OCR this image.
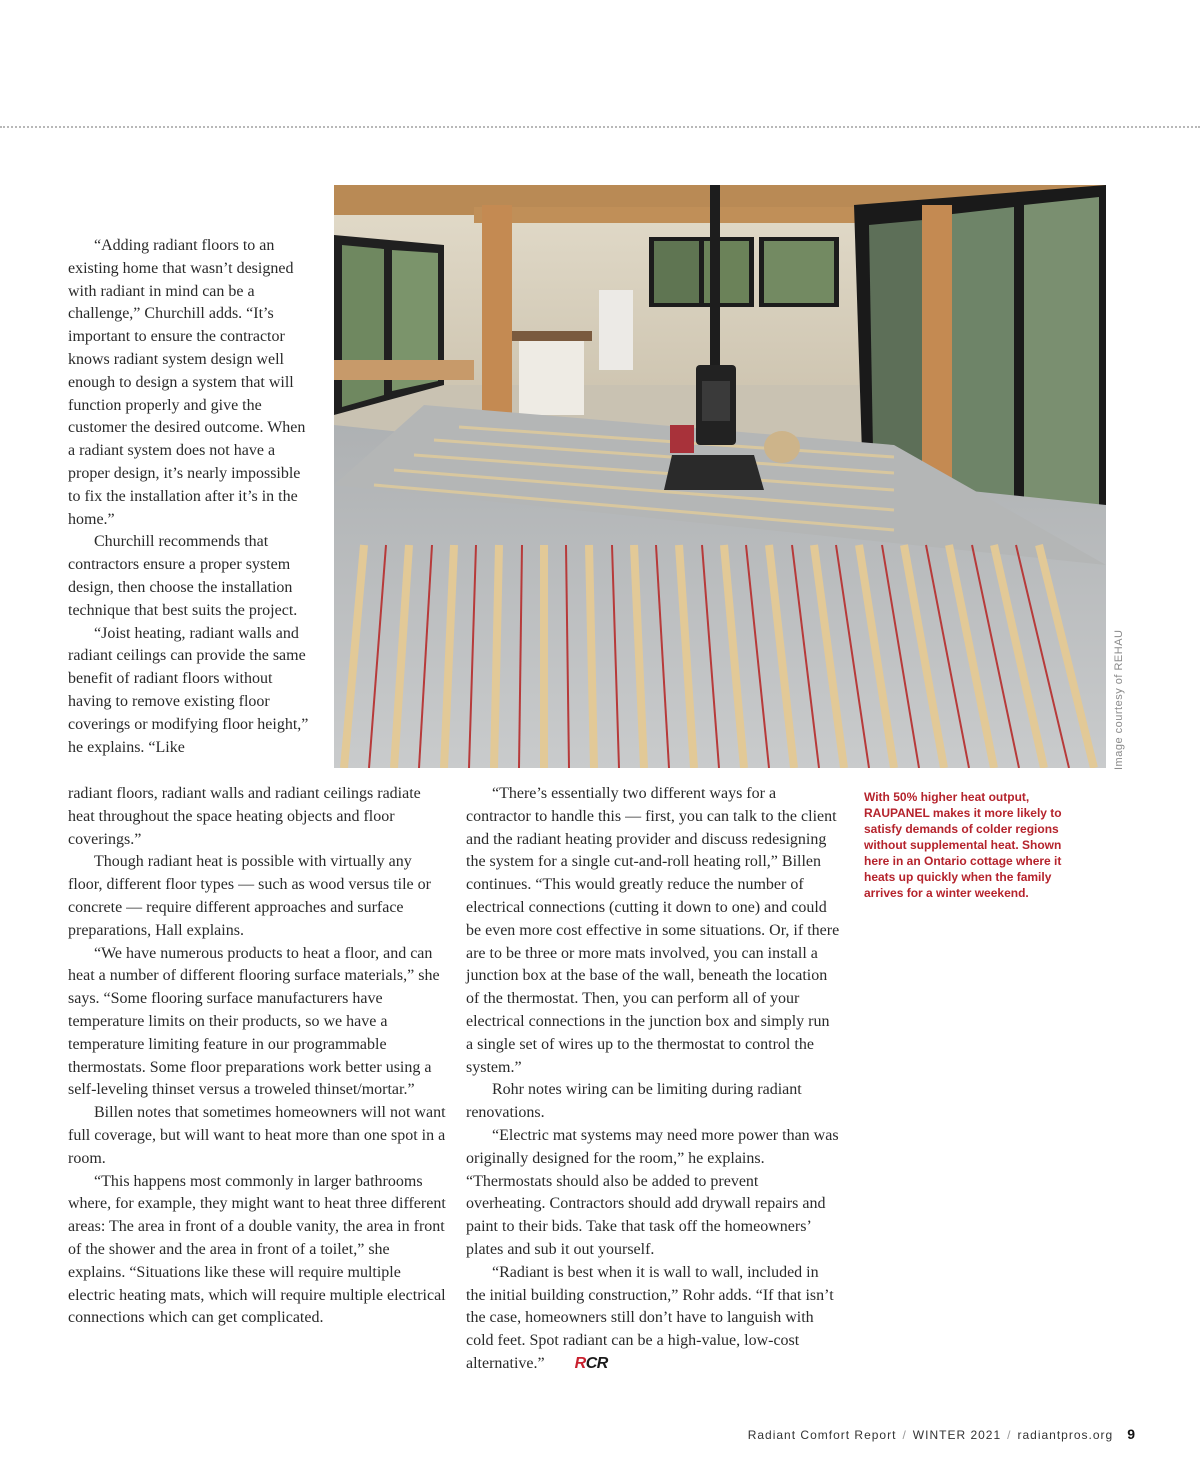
Image courtesy of REHAU
With 50% higher heat output, RAUPANEL makes it more likely to satisfy demands of colder regions without supplemental heat. Shown here in an Ontario cottage where it heats up quickly when the family arrives for a winter weekend.

“Adding radiant floors to an existing home that wasn’t designed with radiant in mind can be a challenge,” Churchill adds. “It’s important to ensure the contractor knows radiant system design well enough to design a system that will function properly and give the customer the desired outcome. When a radiant system does not have a proper design, it’s nearly impossible to fix the installation after it’s in the home.”

Churchill recommends that contractors ensure a proper system design, then choose the installation technique that best suits the project.

“Joist heating, radiant walls and radiant ceilings can provide the same benefit of radiant floors without having to remove existing floor coverings or modifying floor height,” he explains. “Like

radiant floors, radiant walls and radiant ceilings radiate heat throughout the space heating objects and floor coverings.”

Though radiant heat is possible with virtually any floor, different floor types — such as wood versus tile or concrete — require different approaches and surface preparations, Hall explains.

“We have numerous products to heat a floor, and can heat a number of different flooring surface materials,” she says. “Some flooring surface manufacturers have temperature limits on their products, so we have a temperature limiting feature in our programmable thermostats. Some floor preparations work better using a self-leveling thinset versus a troweled thinset/mortar.”

Billen notes that sometimes homeowners will not want full coverage, but will want to heat more than one spot in a room.

“This happens most commonly in larger bathrooms where, for example, they might want to heat three different areas: The area in front of a double vanity, the area in front of the shower and the area in front of a toilet,” she explains. “Situations like these will require multiple electric heating mats, which will require multiple electrical connections which can get complicated.

“There’s essentially two different ways for a contractor to handle this — first, you can talk to the client and the radiant heating provider and discuss redesigning the system for a single cut-and-roll heating roll,” Billen continues. “This would greatly reduce the number of electrical connections (cutting it down to one) and could be even more cost effective in some situations. Or, if there are to be three or more mats involved, you can install a junction box at the base of the wall, beneath the location of the thermostat. Then, you can perform all of your electrical connections in the junction box and simply run a single set of wires up to the thermostat to control the system.”

Rohr notes wiring can be limiting during radiant renovations.

“Electric mat systems may need more power than was originally designed for the room,” he explains. “Thermostats should also be added to prevent overheating. Contractors should add drywall repairs and paint to their bids. Take that task off the homeowners’ plates and sub it out yourself.

“Radiant is best when it is wall to wall, included in the initial building construction,” Rohr adds. “If that isn’t the case, homeowners still don’t have to languish with cold feet. Spot radiant can be a high-value, low-cost alternative.” RCR

Radiant Comfort Report / WINTER 2021 / radiantpros.org 9
